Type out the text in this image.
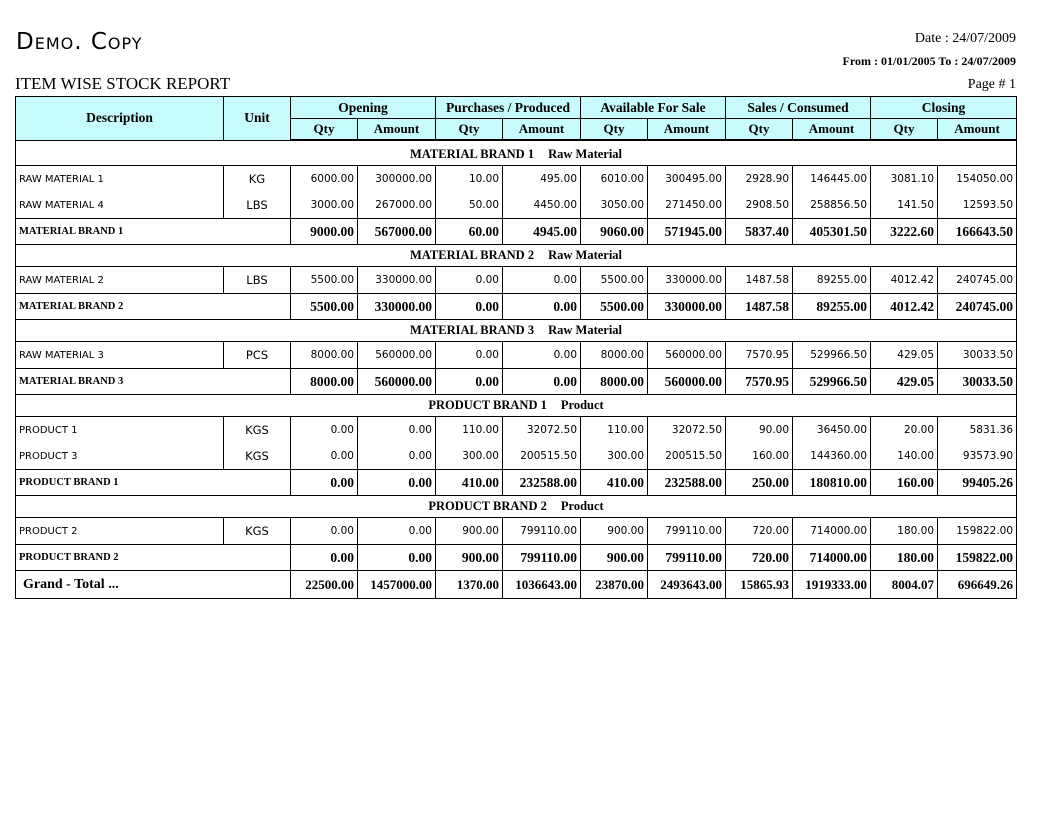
Demo. Copy	Date : 24/07/2009
From : 01/01/2005 To : 24/07/2009
ITEM WISE STOCK REPORT	Page # 1
Description	Unit	Opening		Purchases / Produced		Available For Sale		Sales / Consumed		Closing	
		Qty	Amount	Qty	Amount	Qty	Amount	Qty	Amount	Qty	Amount

MATERIAL BRAND 1 Raw Material											
RAW MATERIAL 1	KG	6000.00	300000.00	10.00	495.00	6010.00	300495.00	2928.90	146445.00	3081.10	154050.00
RAW MATERIAL 4	LBS	3000.00	267000.00	50.00	4450.00	3050.00	271450.00	2908.50	258856.50	141.50	12593.50
MATERIAL BRAND 1		9000.00	567000.00	60.00	4945.00	9060.00	571945.00	5837.40	405301.50	3222.60	166643.50
MATERIAL BRAND 2 Raw Material											
RAW MATERIAL 2	LBS	5500.00	330000.00	0.00	0.00	5500.00	330000.00	1487.58	89255.00	4012.42	240745.00
MATERIAL BRAND 2		5500.00	330000.00	0.00	0.00	5500.00	330000.00	1487.58	89255.00	4012.42	240745.00
MATERIAL BRAND 3 Raw Material											
RAW MATERIAL 3	PCS	8000.00	560000.00	0.00	0.00	8000.00	560000.00	7570.95	529966.50	429.05	30033.50
MATERIAL BRAND 3		8000.00	560000.00	0.00	0.00	8000.00	560000.00	7570.95	529966.50	429.05	30033.50
PRODUCT BRAND 1 Product											
PRODUCT 1	KGS	0.00	0.00	110.00	32072.50	110.00	32072.50	90.00	36450.00	20.00	5831.36
PRODUCT 3	KGS	0.00	0.00	300.00	200515.50	300.00	200515.50	160.00	144360.00	140.00	93573.90
PRODUCT BRAND 1		0.00	0.00	410.00	232588.00	410.00	232588.00	250.00	180810.00	160.00	99405.26
PRODUCT BRAND 2 Product											
PRODUCT 2	KGS	0.00	0.00	900.00	799110.00	900.00	799110.00	720.00	714000.00	180.00	159822.00
PRODUCT BRAND 2		0.00	0.00	900.00	799110.00	900.00	799110.00	720.00	714000.00	180.00	159822.00
Grand - Total ...		22500.00	1457000.00	1370.00	1036643.00	23870.00	2493643.00	15865.93	1919333.00	8004.07	696649.26
